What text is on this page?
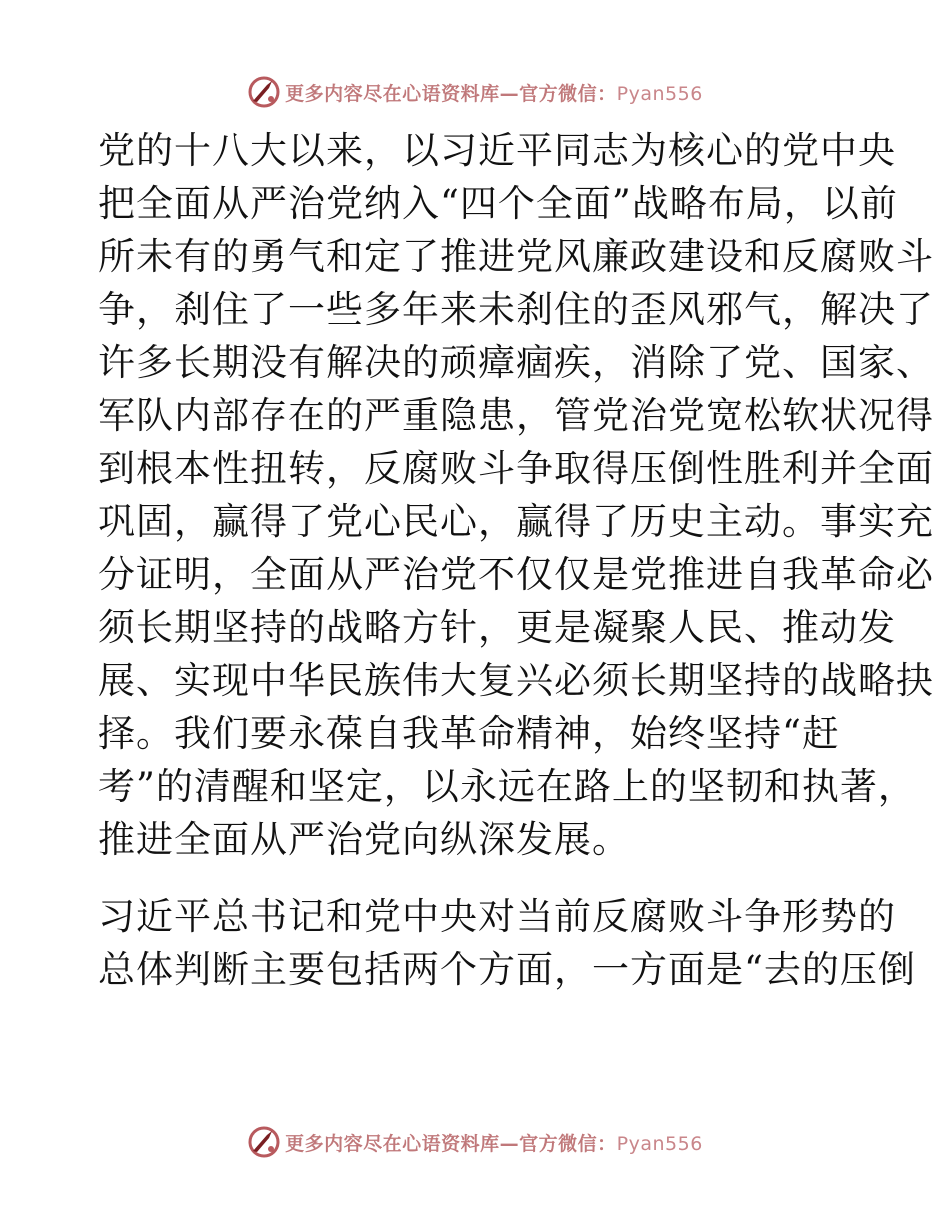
更多内容尽在心语资料库—官方微信：Pyan556
党的十八大以来，以习近平同志为核心的党中央
把全面从严治党纳入“四个全面”战略布局，以前
所未有的勇气和定了推进党风廉政建设和反腐败斗
争，刹住了一些多年来未刹住的歪风邪气，解决了
许多长期没有解决的顽瘴痼疾，消除了党、国家、
军队内部存在的严重隐患，管党治党宽松软状况得
到根本性扭转，反腐败斗争取得压倒性胜利并全面
巩固，赢得了党心民心，赢得了历史主动。事实充
分证明，全面从严治党不仅仅是党推进自我革命必
须长期坚持的战略方针，更是凝聚人民、推动发
展、实现中华民族伟大复兴必须长期坚持的战略抉
择。我们要永葆自我革命精神，始终坚持“赶
考”的清醒和坚定，以永远在路上的坚韧和执著，
推进全面从严治党向纵深发展。
习近平总书记和党中央对当前反腐败斗争形势的
总体判断主要包括两个方面，一方面是“去的压倒
更多内容尽在心语资料库—官方微信：Pyan556
